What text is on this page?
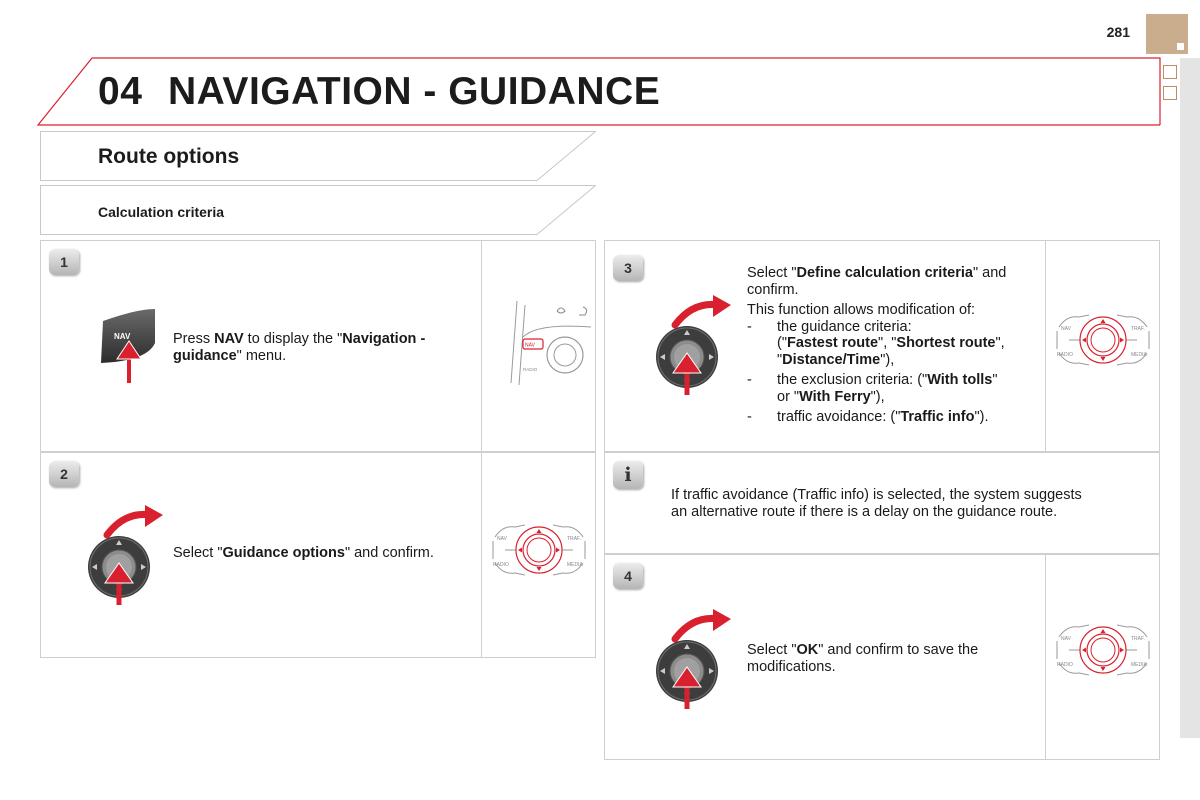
281
04 NAVIGATION - GUIDANCE
Route options
Calculation criteria
1
NAV	Press NAV to display the "Navigation -
guidance" menu.
NAV
RADIO
2
Select "Guidance options" and confirm.
NAV	TRAF.
RADIO	MEDIA
3	Select "Define calculation criteria" and
confirm.
This function allows modification of:
- the guidance criteria:
("Fastest route", "Shortest route",
"Distance/Time"),
- the exclusion criteria: ("With tolls"
or "With Ferry"),
- traffic avoidance: ("Traffic info").
NAV	TRAF.
RADIO	MEDIA
i
If traffic avoidance (Traffic info) is selected, the system suggests
an alternative route if there is a delay on the guidance route.
4
Select "OK" and confirm to save the
modifications.
NAV	TRAF.
RADIO	MEDIA
